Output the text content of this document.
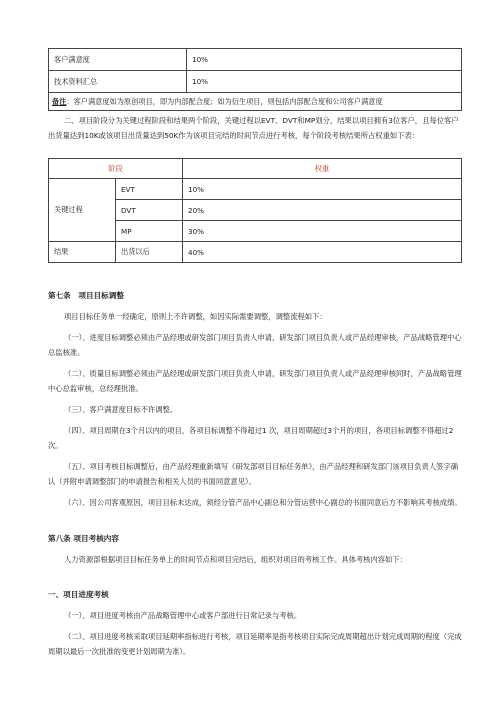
客户满意度	10%
技术资料汇总	10%
备注：客户满意度如为原创项目，即为内部配合度；如为衍生项目，则包括内部配合度和公司客户满意度	
二、项目阶段分为关键过程阶段和结果两个阶段，关键过程以EVT、DVT和MP划分，结果以项目拥有3位客户，且每位客户出货量达到10K或该项目出货量达到50K作为该项目完结的时间节点进行考核，每个阶段考核结果所占权重如下表：
阶段		权重
关键过程	EVT	10%
	DVT	20%
	MP	30%
结果	出货以后	40%
第七条　项目目标调整
项目目标任务单一经确定，原则上不许调整，如因实际需要调整，调整流程如下：
（一）、进度目标调整必须由产品经理或研发部门项目负责人申请，研发部门项目负责人或产品经理审核，产品战略管理中心总监核准。
（二）、质量目标调整必须由产品经理或研发部门项目负责人申请，研发部门项目负责人或产品经理审核同时，产品战略管理中心总监审核，总经理批准。
（三）、客户满意度目标不许调整。
（四）、项目周期在3个月以内的项目，各项目标调整不得超过1 次，项目周期超过3个月的项目，各项目标调整不得超过2 次。
（五）、项目考核目标调整后，由产品经理重新填写《研发部项目目标任务单》，由产品经理和研发部门该项目负责人签字确认（并附申请调整部门的申请报告和相关人员的书面同意意见）。
（六）、因公司客观原因，项目目标未达成，须经分管产品中心副总和分管运营中心副总的书面同意后方不影响其考核成绩。
第八条 项目考核内容
人力资源部根据项目目标任务单上的时间节点和项目完结后，组织对项目的考核工作。具体考核内容如下：
一、项目进度考核
（一）、项目进度考核由产品战略管理中心或客户部进行日常记录与考核。
（二）、项目进度考核采取项目延期率指标进行考核，项目延期率是指考核项目实际完成周期超出计划完成周期的程度（完成周期以最后一次批准的变更计划周期为准）。
